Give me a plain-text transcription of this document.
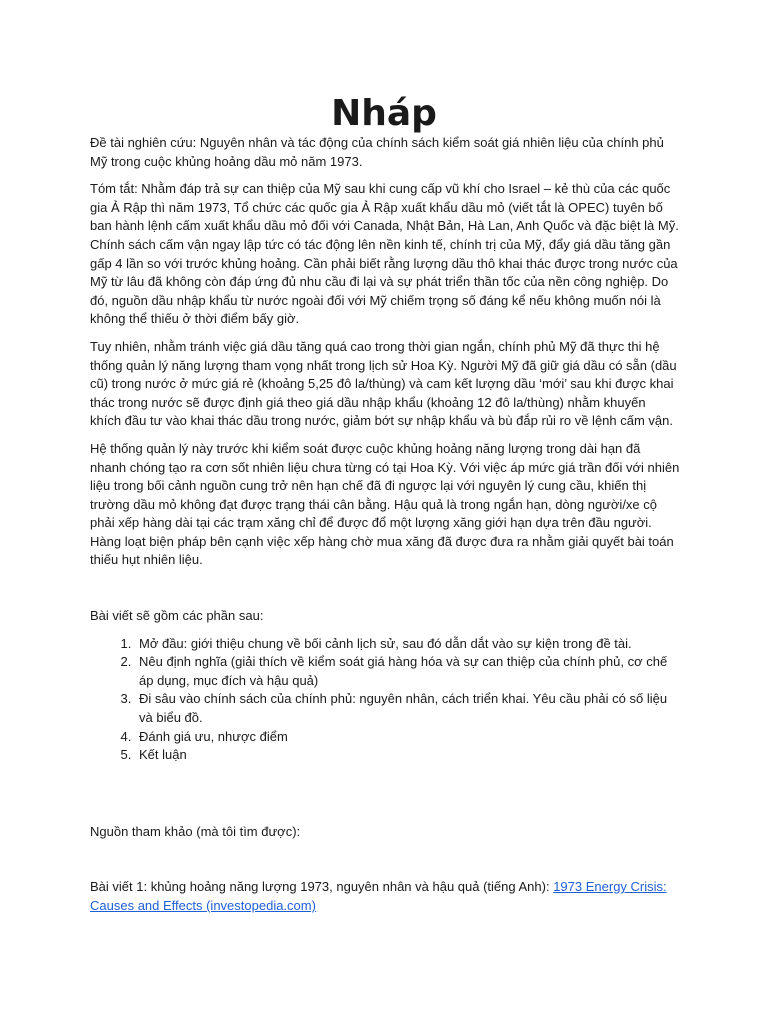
Nháp

Đề tài nghiên cứu: Nguyên nhân và tác động của chính sách kiểm soát giá nhiên liệu của chính phủ Mỹ trong cuộc khủng hoảng dầu mỏ năm 1973.

Tóm tắt: Nhằm đáp trả sự can thiệp của Mỹ sau khi cung cấp vũ khí cho Israel – kẻ thù của các quốc gia Ả Rập thì năm 1973, Tổ chức các quốc gia Ả Rập xuất khẩu dầu mỏ (viết tắt là OPEC) tuyên bố ban hành lệnh cấm xuất khẩu dầu mỏ đối với Canada, Nhật Bản, Hà Lan, Anh Quốc và đặc biệt là Mỹ. Chính sách cấm vận ngay lập tức có tác động lên nền kinh tế, chính trị của Mỹ, đẩy giá dầu tăng gần gấp 4 lần so với trước khủng hoảng. Cần phải biết rằng lượng dầu thô khai thác được trong nước của Mỹ từ lâu đã không còn đáp ứng đủ nhu cầu đi lại và sự phát triển thần tốc của nền công nghiệp. Do đó, nguồn dầu nhập khẩu từ nước ngoài đối với Mỹ chiếm trọng số đáng kể nếu không muốn nói là không thể thiếu ở thời điểm bấy giờ.

Tuy nhiên, nhằm tránh việc giá dầu tăng quá cao trong thời gian ngắn, chính phủ Mỹ đã thực thi hệ thống quản lý năng lượng tham vọng nhất trong lịch sử Hoa Kỳ. Người Mỹ đã giữ giá dầu có sẵn (dầu cũ) trong nước ở mức giá rẻ (khoảng 5,25 đô la/thùng) và cam kết lượng dầu ‘mới’ sau khi được khai thác trong nước sẽ được định giá theo giá dầu nhập khẩu (khoảng 12 đô la/thùng) nhằm khuyến khích đầu tư vào khai thác dầu trong nước, giảm bớt sự nhập khẩu và bù đắp rủi ro về lệnh cấm vận.

Hệ thống quản lý này trước khi kiểm soát được cuộc khủng hoảng năng lượng trong dài hạn đã nhanh chóng tạo ra cơn sốt nhiên liệu chưa từng có tại Hoa Kỳ. Với việc áp mức giá trần đối với nhiên liệu trong bối cảnh nguồn cung trở nên hạn chế đã đi ngược lại với nguyên lý cung cầu, khiến thị trường dầu mỏ không đạt được trạng thái cân bằng. Hậu quả là trong ngắn hạn, dòng người/xe cộ phải xếp hàng dài tại các trạm xăng chỉ để được đổ một lượng xăng giới hạn dựa trên đầu người. Hàng loạt biện pháp bên cạnh việc xếp hàng chờ mua xăng đã được đưa ra nhằm giải quyết bài toán thiếu hụt nhiên liệu.

Bài viết sẽ gồm các phần sau:

1. Mở đầu: giới thiệu chung về bối cảnh lịch sử, sau đó dẫn dắt vào sự kiện trong đề tài.
2. Nêu định nghĩa (giải thích về kiểm soát giá hàng hóa và sự can thiệp của chính phủ, cơ chế áp dụng, mục đích và hậu quả)
3. Đi sâu vào chính sách của chính phủ: nguyên nhân, cách triển khai. Yêu cầu phải có số liệu và biểu đồ.
4. Đánh giá ưu, nhược điểm
5. Kết luận

Nguồn tham khảo (mà tôi tìm được):

Bài viết 1: khủng hoảng năng lượng 1973, nguyên nhân và hậu quả (tiếng Anh): 1973 Energy Crisis: Causes and Effects (investopedia.com)
